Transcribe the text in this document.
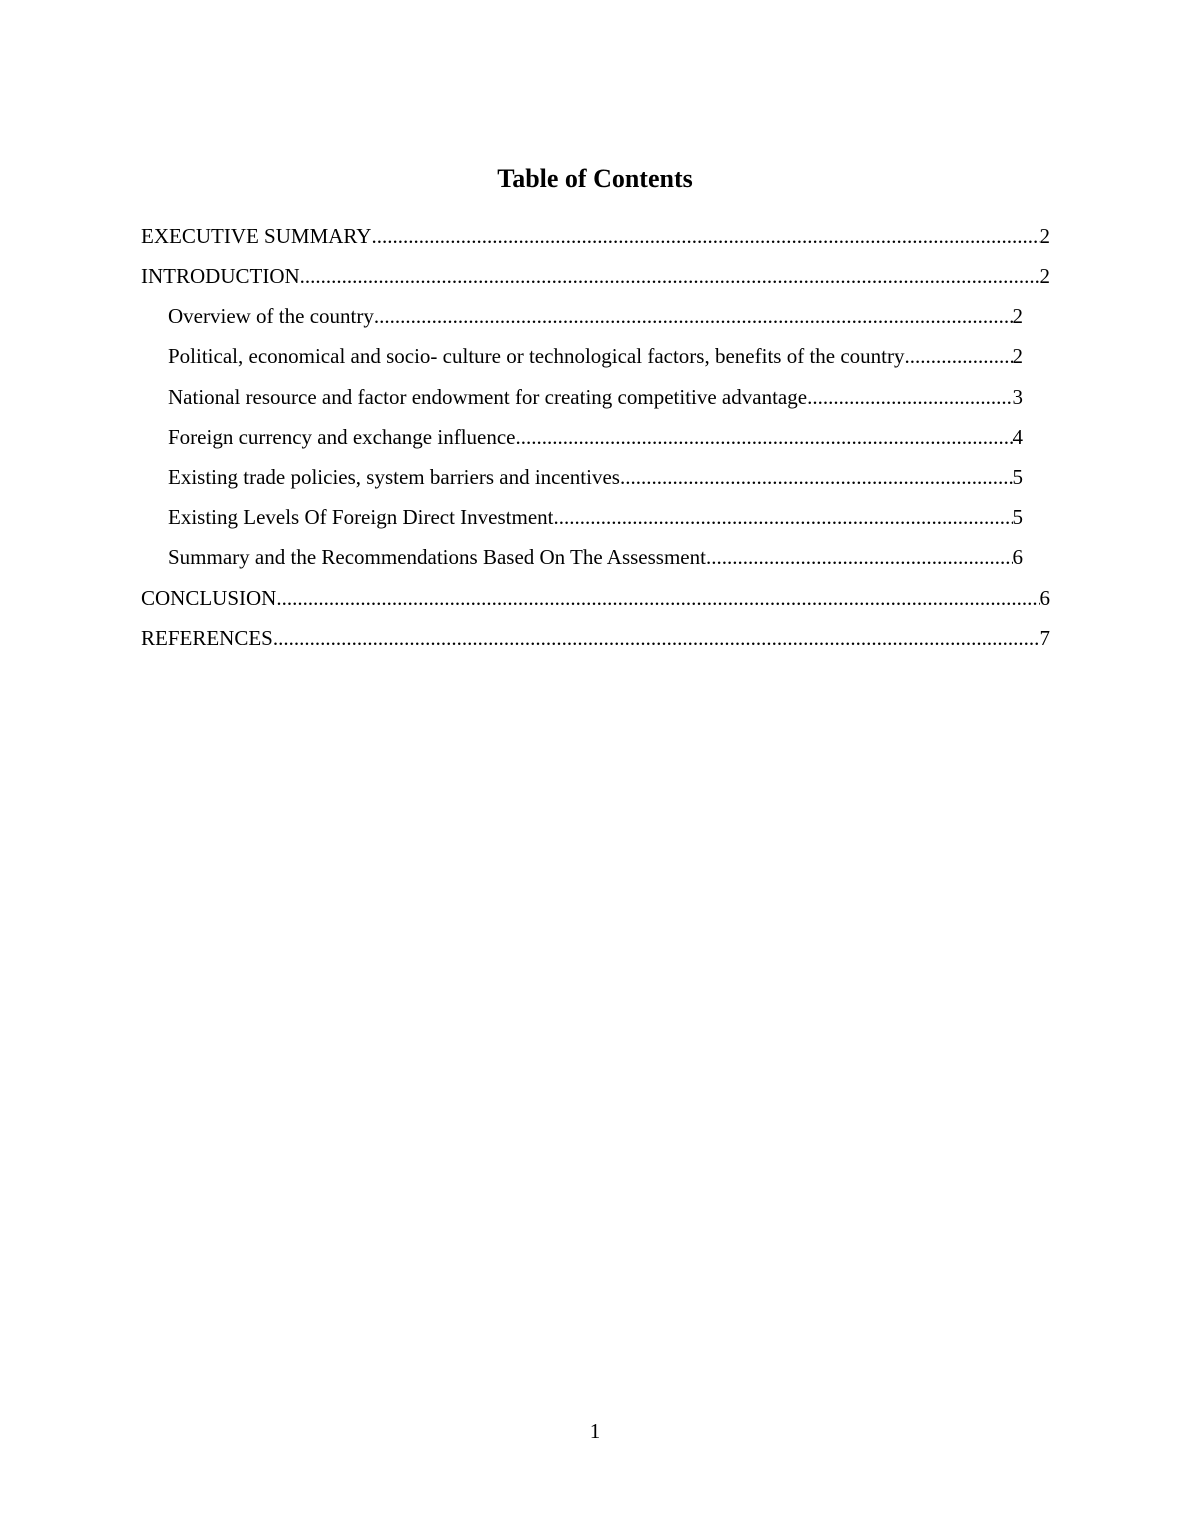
Table of Contents
EXECUTIVE SUMMARY .....	2
INTRODUCTION .....	2
Overview of the country .....	2
Political, economical and socio- culture or technological factors, benefits of the country .....	2
National resource and factor endowment for creating competitive advantage .....	3
Foreign currency and exchange influence .....	4
Existing trade policies, system barriers and incentives .....	5
Existing Levels Of Foreign Direct Investment .....	5
Summary and the Recommendations Based On The Assessment .....	6
CONCLUSION .....	6
REFERENCES .....	7
1
